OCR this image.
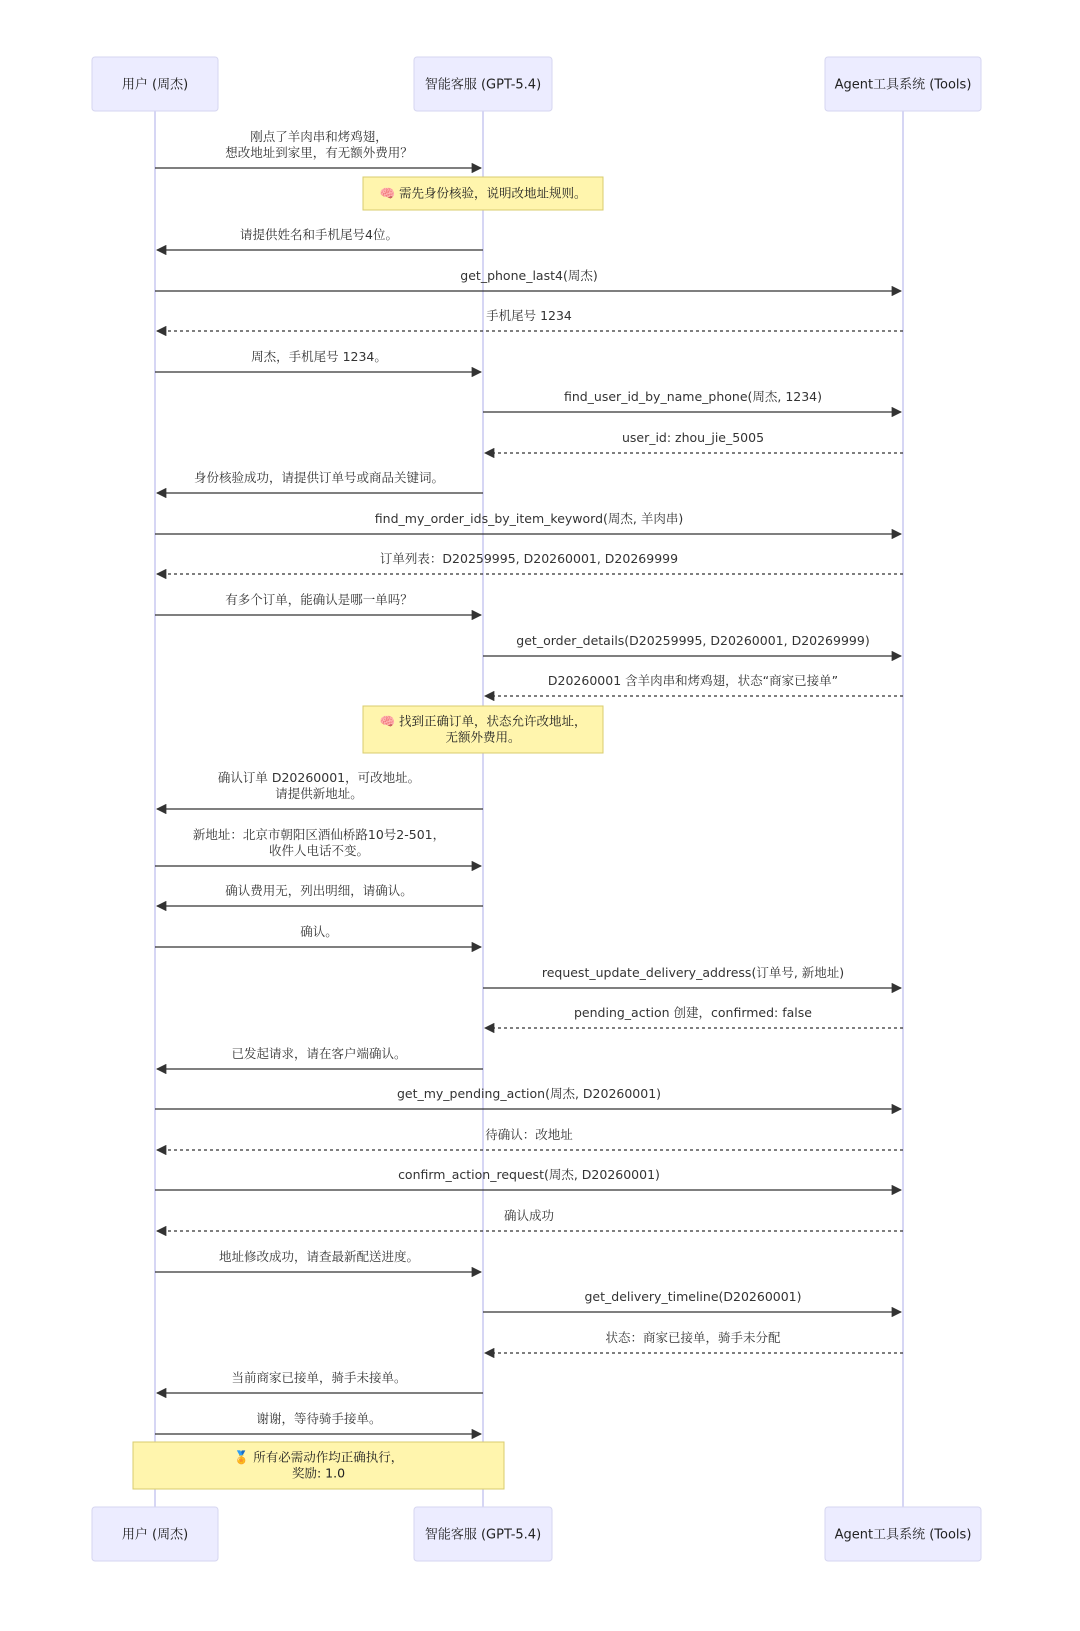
用户 (周杰)	智能客服 (GPT-5.4)	Agent工具系统 (Tools)
用户 (周杰)	智能客服 (GPT-5.4)	Agent工具系统 (Tools)
刚点了羊肉串和烤鸡翅，
想改地址到家里，有无额外费用？
🧠 需先身份核验，说明改地址规则。
请提供姓名和手机尾号4位。
get_phone_last4(周杰)
手机尾号 1234
周杰，手机尾号 1234。
find_user_id_by_name_phone(周杰, 1234)
user_id: zhou_jie_5005
身份核验成功，请提供订单号或商品关键词。
find_my_order_ids_by_item_keyword(周杰, 羊肉串)
订单列表：D20259995, D20260001, D20269999
有多个订单，能确认是哪一单吗？
get_order_details(D20259995, D20260001, D20269999)
D20260001 含羊肉串和烤鸡翅，状态“商家已接单”
🧠 找到正确订单，状态允许改地址，
无额外费用。
确认订单 D20260001，可改地址。
请提供新地址。
新地址：北京市朝阳区酒仙桥路10号2-501，
收件人电话不变。
确认费用无，列出明细，请确认。
确认。
request_update_delivery_address(订单号, 新地址)
pending_action 创建，confirmed: false
已发起请求，请在客户端确认。
get_my_pending_action(周杰, D20260001)
待确认：改地址
confirm_action_request(周杰, D20260001)
确认成功
地址修改成功，请查最新配送进度。
get_delivery_timeline(D20260001)
状态：商家已接单，骑手未分配
当前商家已接单，骑手未接单。
谢谢，等待骑手接单。
🏅 所有必需动作均正确执行，
奖励: 1.0
